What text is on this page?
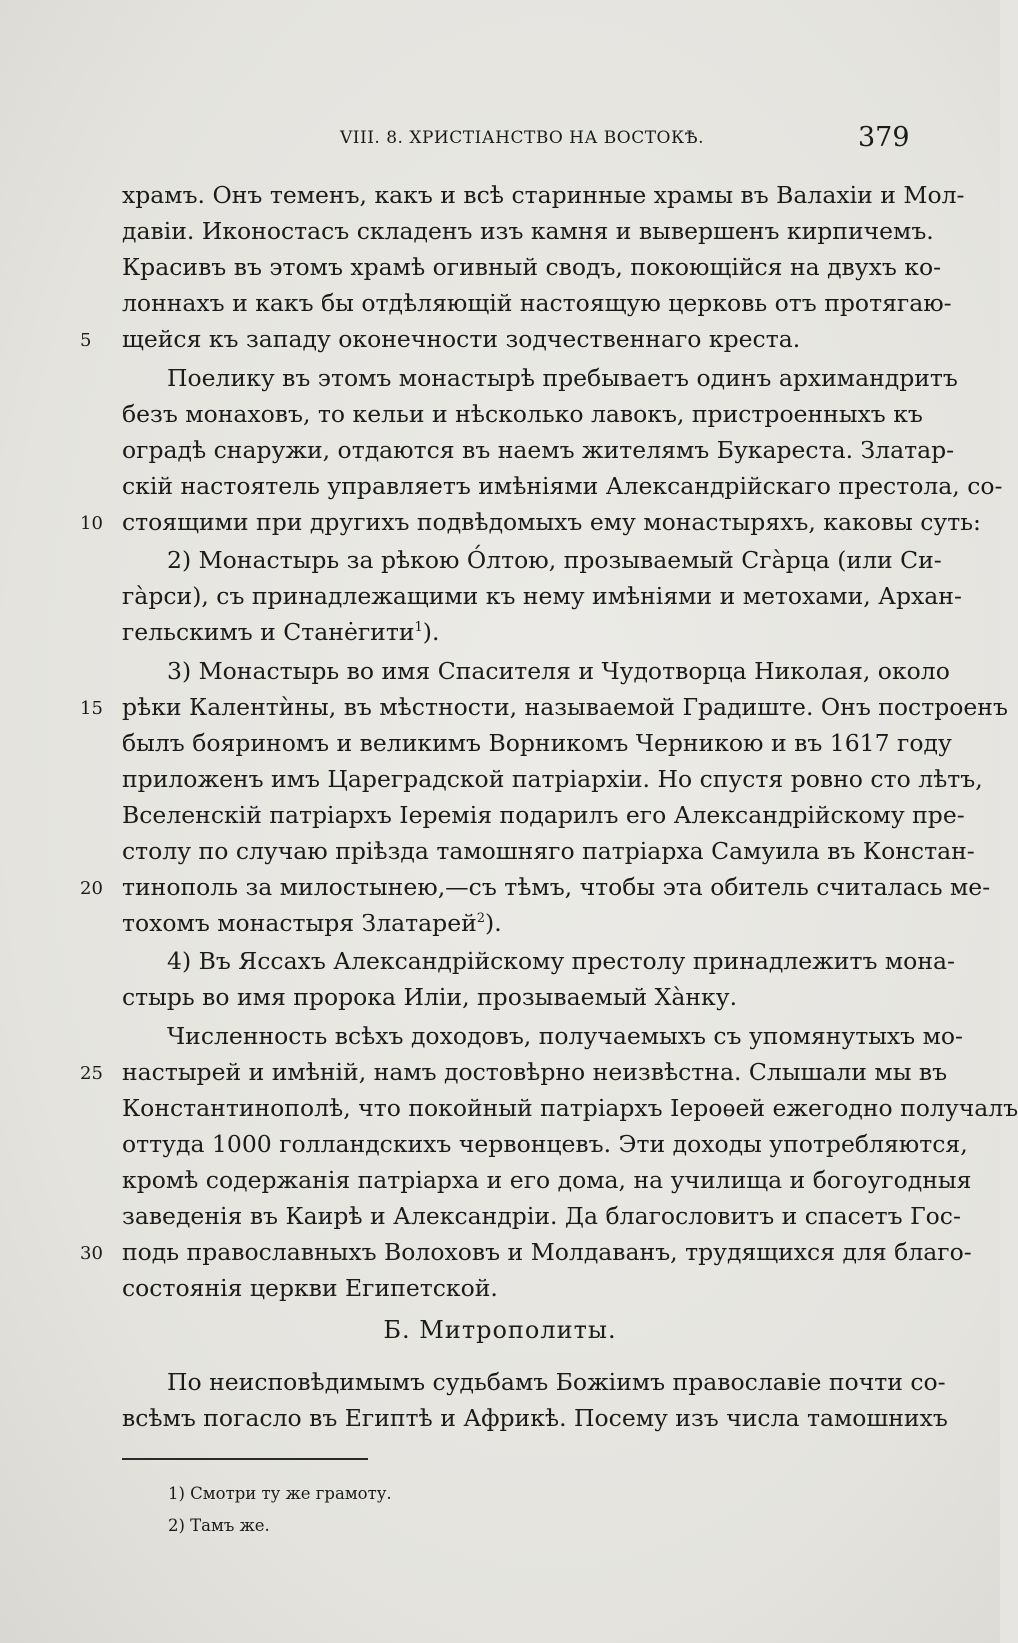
VIII. 8. ХРИСТІАНСТВО НА ВОСТОКѢ.	379
храмъ. Онъ теменъ, какъ и всѣ старинные храмы въ Валахіи и Мол-
давіи. Иконостасъ складенъ изъ камня и вывершенъ кирпичемъ.
Красивъ въ этомъ храмѣ огивный сводъ, покоющійся на двухъ ко-
лоннахъ и какъ бы отдѣляющій настоящую церковь отъ протягаю-
5	щейся къ западу оконечности зодчественнаго креста.
Поелику въ этомъ монастырѣ пребываетъ одинъ архимандритъ
безъ монаховъ, то кельи и нѣсколько лавокъ, пристроенныхъ къ
оградѣ снаружи, отдаются въ наемъ жителямъ Букареста. Златар-
скій настоятель управляетъ имѣніями Александрійскаго престола, со-
10 стоящими при другихъ подвѣдомыхъ ему монастыряхъ, каковы суть:
2) Монастырь за рѣкою О́лтою, прозываемый Сга̀рца (или Си-
га̀рси), съ принадлежащими къ нему имѣніями и метохами, Архан-
гельскимъ и Стане̇гити$^1$).
3) Монастырь во имя Спасителя и Чудотворца Николая, около
15 рѣки Калентѝны, въ мѣстности, называемой Градиште. Онъ построенъ
былъ бояриномъ и великимъ Ворникомъ Черникою и въ 1617 году
приложенъ имъ Цареградской патріархіи. Но спустя ровно сто лѣтъ,
Вселенскій патріархъ Іеремія подарилъ его Александрійскому пре-
столу по случаю пріѣзда тамошняго патріарха Самуила въ Констан-
20 тинополь за милостынею,—съ тѣмъ, чтобы эта обитель считалась ме-
тохомъ монастыря Златарей$^2$).
4) Въ Яссахъ Александрійскому престолу принадлежитъ мона-
стырь во имя пророка Иліи, прозываемый Ха̀нку.
Численность всѣхъ доходовъ, получаемыхъ съ упомянутыхъ мо-
25 настырей и имѣній, намъ достовѣрно неизвѣстна. Слышали мы въ
Константинополѣ, что покойный патріархъ Іероѳей ежегодно получалъ
оттуда 1000 голландскихъ червонцевъ. Эти доходы употребляются,
кромѣ содержанія патріарха и его дома, на училища и богоугодныя
заведенія въ Каирѣ и Александріи. Да благословитъ и спасетъ Гос-
30 подь православныхъ Волоховъ и Молдаванъ, трудящихся для благо-
состоянія церкви Египетской.
Б. Митрополиты.
По неисповѣдимымъ судьбамъ Божіимъ православіе почти со-
всѣмъ погасло въ Египтѣ и Африкѣ. Посему изъ числа тамошнихъ
1) Смотри ту же грамоту.
2) Тамъ же.
